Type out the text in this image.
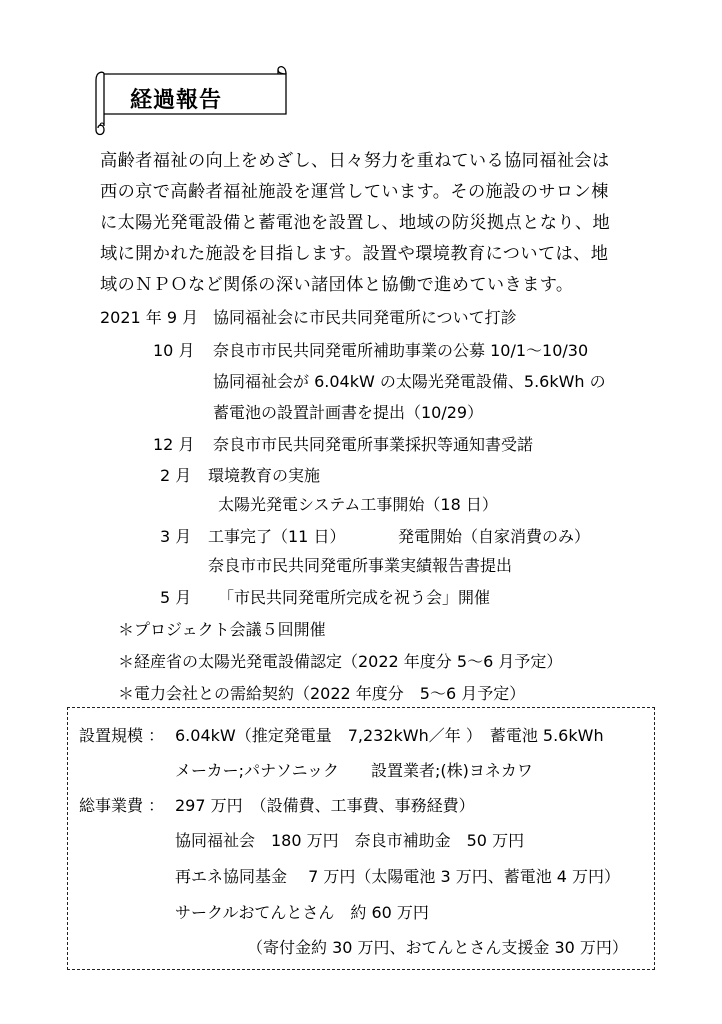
経過報告
高齢者福祉の向上をめざし、日々努力を重ねている協同福祉会は
西の京で高齢者福祉施設を運営しています。その施設のサロン棟
に太陽光発電設備と蓄電池を設置し、地域の防災拠点となり、地
域に開かれた施設を目指します。設置や環境教育については、地
域のＮＰＯなど関係の深い諸団体と協働で進めていきます。
2021 年 9 月 協同福祉会に市民共同発電所について打診
10 月 奈良市市民共同発電所補助事業の公募 10/1～10/30
協同福祉会が 6.04kW の太陽光発電設備、5.6kWh の
蓄電池の設置計画書を提出（10/29）
12 月 奈良市市民共同発電所事業採択等通知書受諾
2 月 環境教育の実施
太陽光発電システム工事開始（18 日）
3 月 工事完了（11 日）	発電開始（自家消費のみ）
奈良市市民共同発電所事業実績報告書提出
5 月 「市民共同発電所完成を祝う会」開催
＊プロジェクト会議５回開催
＊経産省の太陽光発電設備認定（2022 年度分 5～6 月予定）
＊電力会社との需給契約（2022 年度分　5～6 月予定）
設置規模 ： 6.04kW（推定発電量　7,232kWh／年 ）　蓄電池 5.6kWh
メーカー;パナソニック　　設置業者;(株)ヨネカワ
総事業費 ： 297 万円　（設備費、工事費、事務経費）
協同福祉会　180 万円　奈良市補助金　50 万円
再エネ協同基金　 7 万円（太陽電池 3 万円、蓄電池 4 万円）
サークルおてんとさん　約 60 万円
（寄付金約 30 万円、おてんとさん支援金 30 万円）
